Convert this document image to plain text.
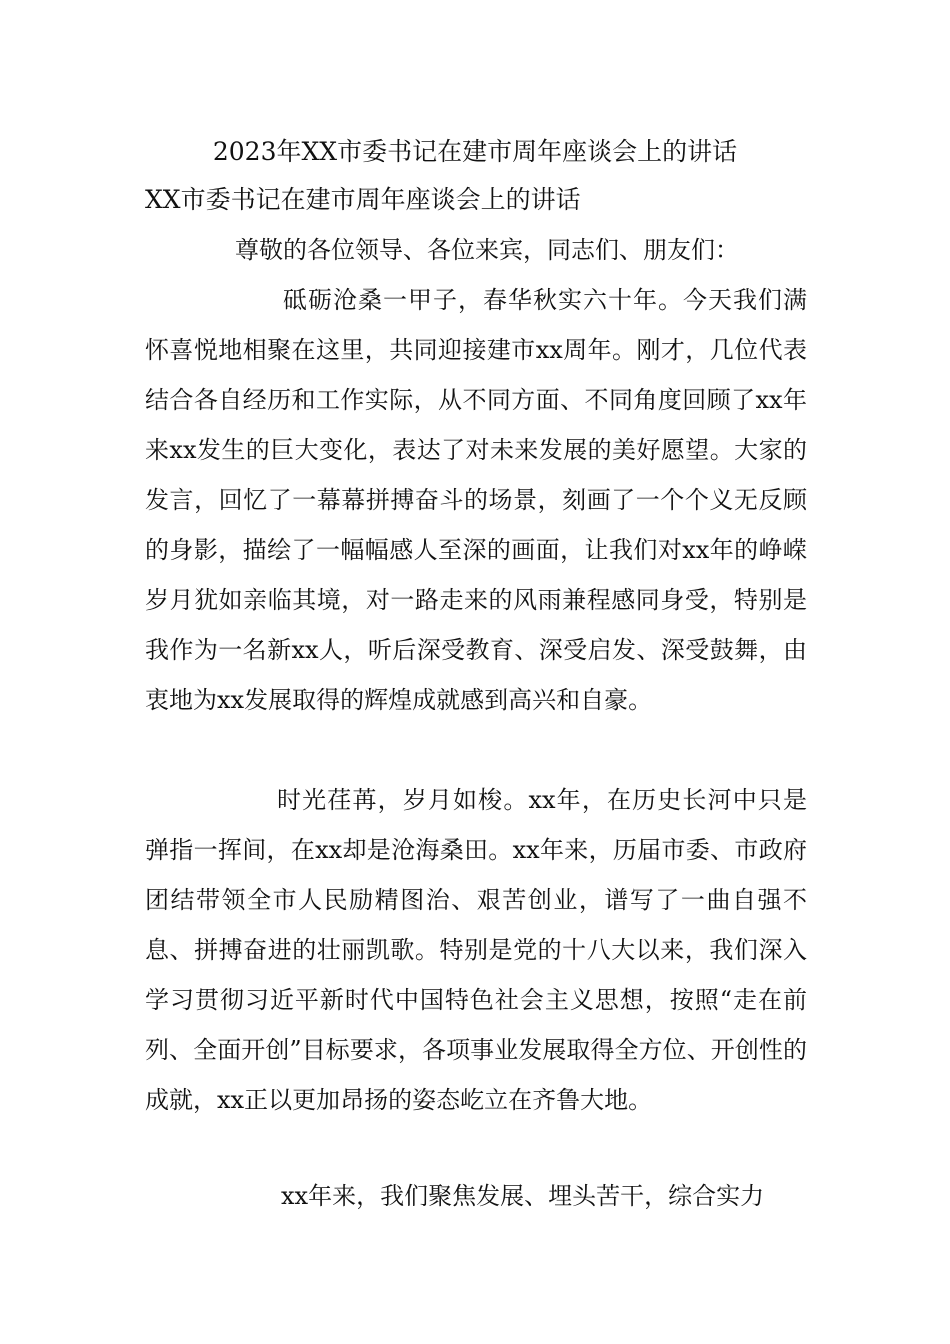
2023年XX市委书记在建市周年座谈会上的讲话
XX市委书记在建市周年座谈会上的讲话

尊敬的各位领导、各位来宾，同志们、朋友们：

砥砺沧桑一甲子，春华秋实六十年。今天我们满怀喜悦地相聚在这里，共同迎接建市xx周年。刚才，几位代表结合各自经历和工作实际，从不同方面、不同角度回顾了xx年来xx发生的巨大变化，表达了对未来发展的美好愿望。大家的发言，回忆了一幕幕拼搏奋斗的场景，刻画了一个个义无反顾的身影，描绘了一幅幅感人至深的画面，让我们对xx年的峥嵘岁月犹如亲临其境，对一路走来的风雨兼程感同身受，特别是我作为一名新xx人，听后深受教育、深受启发、深受鼓舞，由衷地为xx发展取得的辉煌成就感到高兴和自豪。

时光荏苒，岁月如梭。xx年，在历史长河中只是弹指一挥间，在xx却是沧海桑田。xx年来，历届市委、市政府团结带领全市人民励精图治、艰苦创业，谱写了一曲自强不息、拼搏奋进的壮丽凯歌。特别是党的十八大以来，我们深入学习贯彻习近平新时代中国特色社会主义思想，按照“走在前列、全面开创”目标要求，各项事业发展取得全方位、开创性的成就，xx正以更加昂扬的姿态屹立在齐鲁大地。

xx年来，我们聚焦发展、埋头苦干，综合实力
